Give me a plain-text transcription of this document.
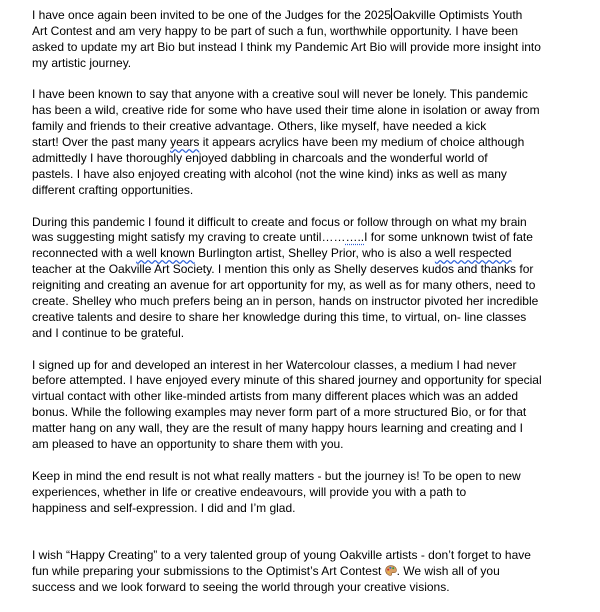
I have once again been invited to be one of the Judges for the 2025 Oakville Optimists Youth
Art Contest and am very happy to be part of such a fun, worthwhile opportunity. I have been
asked to update my art Bio but instead I think my Pandemic Art Bio will provide more insight into
my artistic journey.

I have been known to say that anyone with a creative soul will never be lonely. This pandemic
has been a wild, creative ride for some who have used their time alone in isolation or away from
family and friends to their creative advantage. Others, like myself, have needed a kick
start! Over the past many years it appears acrylics have been my medium of choice although
admittedly I have thoroughly enjoyed dabbling in charcoals and the wonderful world of
pastels. I have also enjoyed creating with alcohol (not the wine kind) inks as well as many
different crafting opportunities.

During this pandemic I found it difficult to create and focus or follow through on what my brain
was suggesting might satisfy my craving to create until………..I for some unknown twist of fate
reconnected with a well known Burlington artist, Shelley Prior, who is also a well respected
teacher at the Oakville Art Society. I mention this only as Shelly deserves kudos and thanks for
reigniting and creating an avenue for art opportunity for my, as well as for many others, need to
create. Shelley who much prefers being an in person, hands on instructor pivoted her incredible
creative talents and desire to share her knowledge during this time, to virtual, on- line classes
and I continue to be grateful.

I signed up for and developed an interest in her Watercolour classes, a medium I had never
before attempted. I have enjoyed every minute of this shared journey and opportunity for special
virtual contact with other like-minded artists from many different places which was an added
bonus. While the following examples may never form part of a more structured Bio, or for that
matter hang on any wall, they are the result of many happy hours learning and creating and I
am pleased to have an opportunity to share them with you.

Keep in mind the end result is not what really matters - but the journey is! To be open to new
experiences, whether in life or creative endeavours, will provide you with a path to
happiness and self-expression. I did and I’m glad.

I wish “Happy Creating” to a very talented group of young Oakville artists - don’t forget to have
fun while preparing your submissions to the Optimist’s Art Contest . We wish all of you
success and we look forward to seeing the world through your creative visions.
